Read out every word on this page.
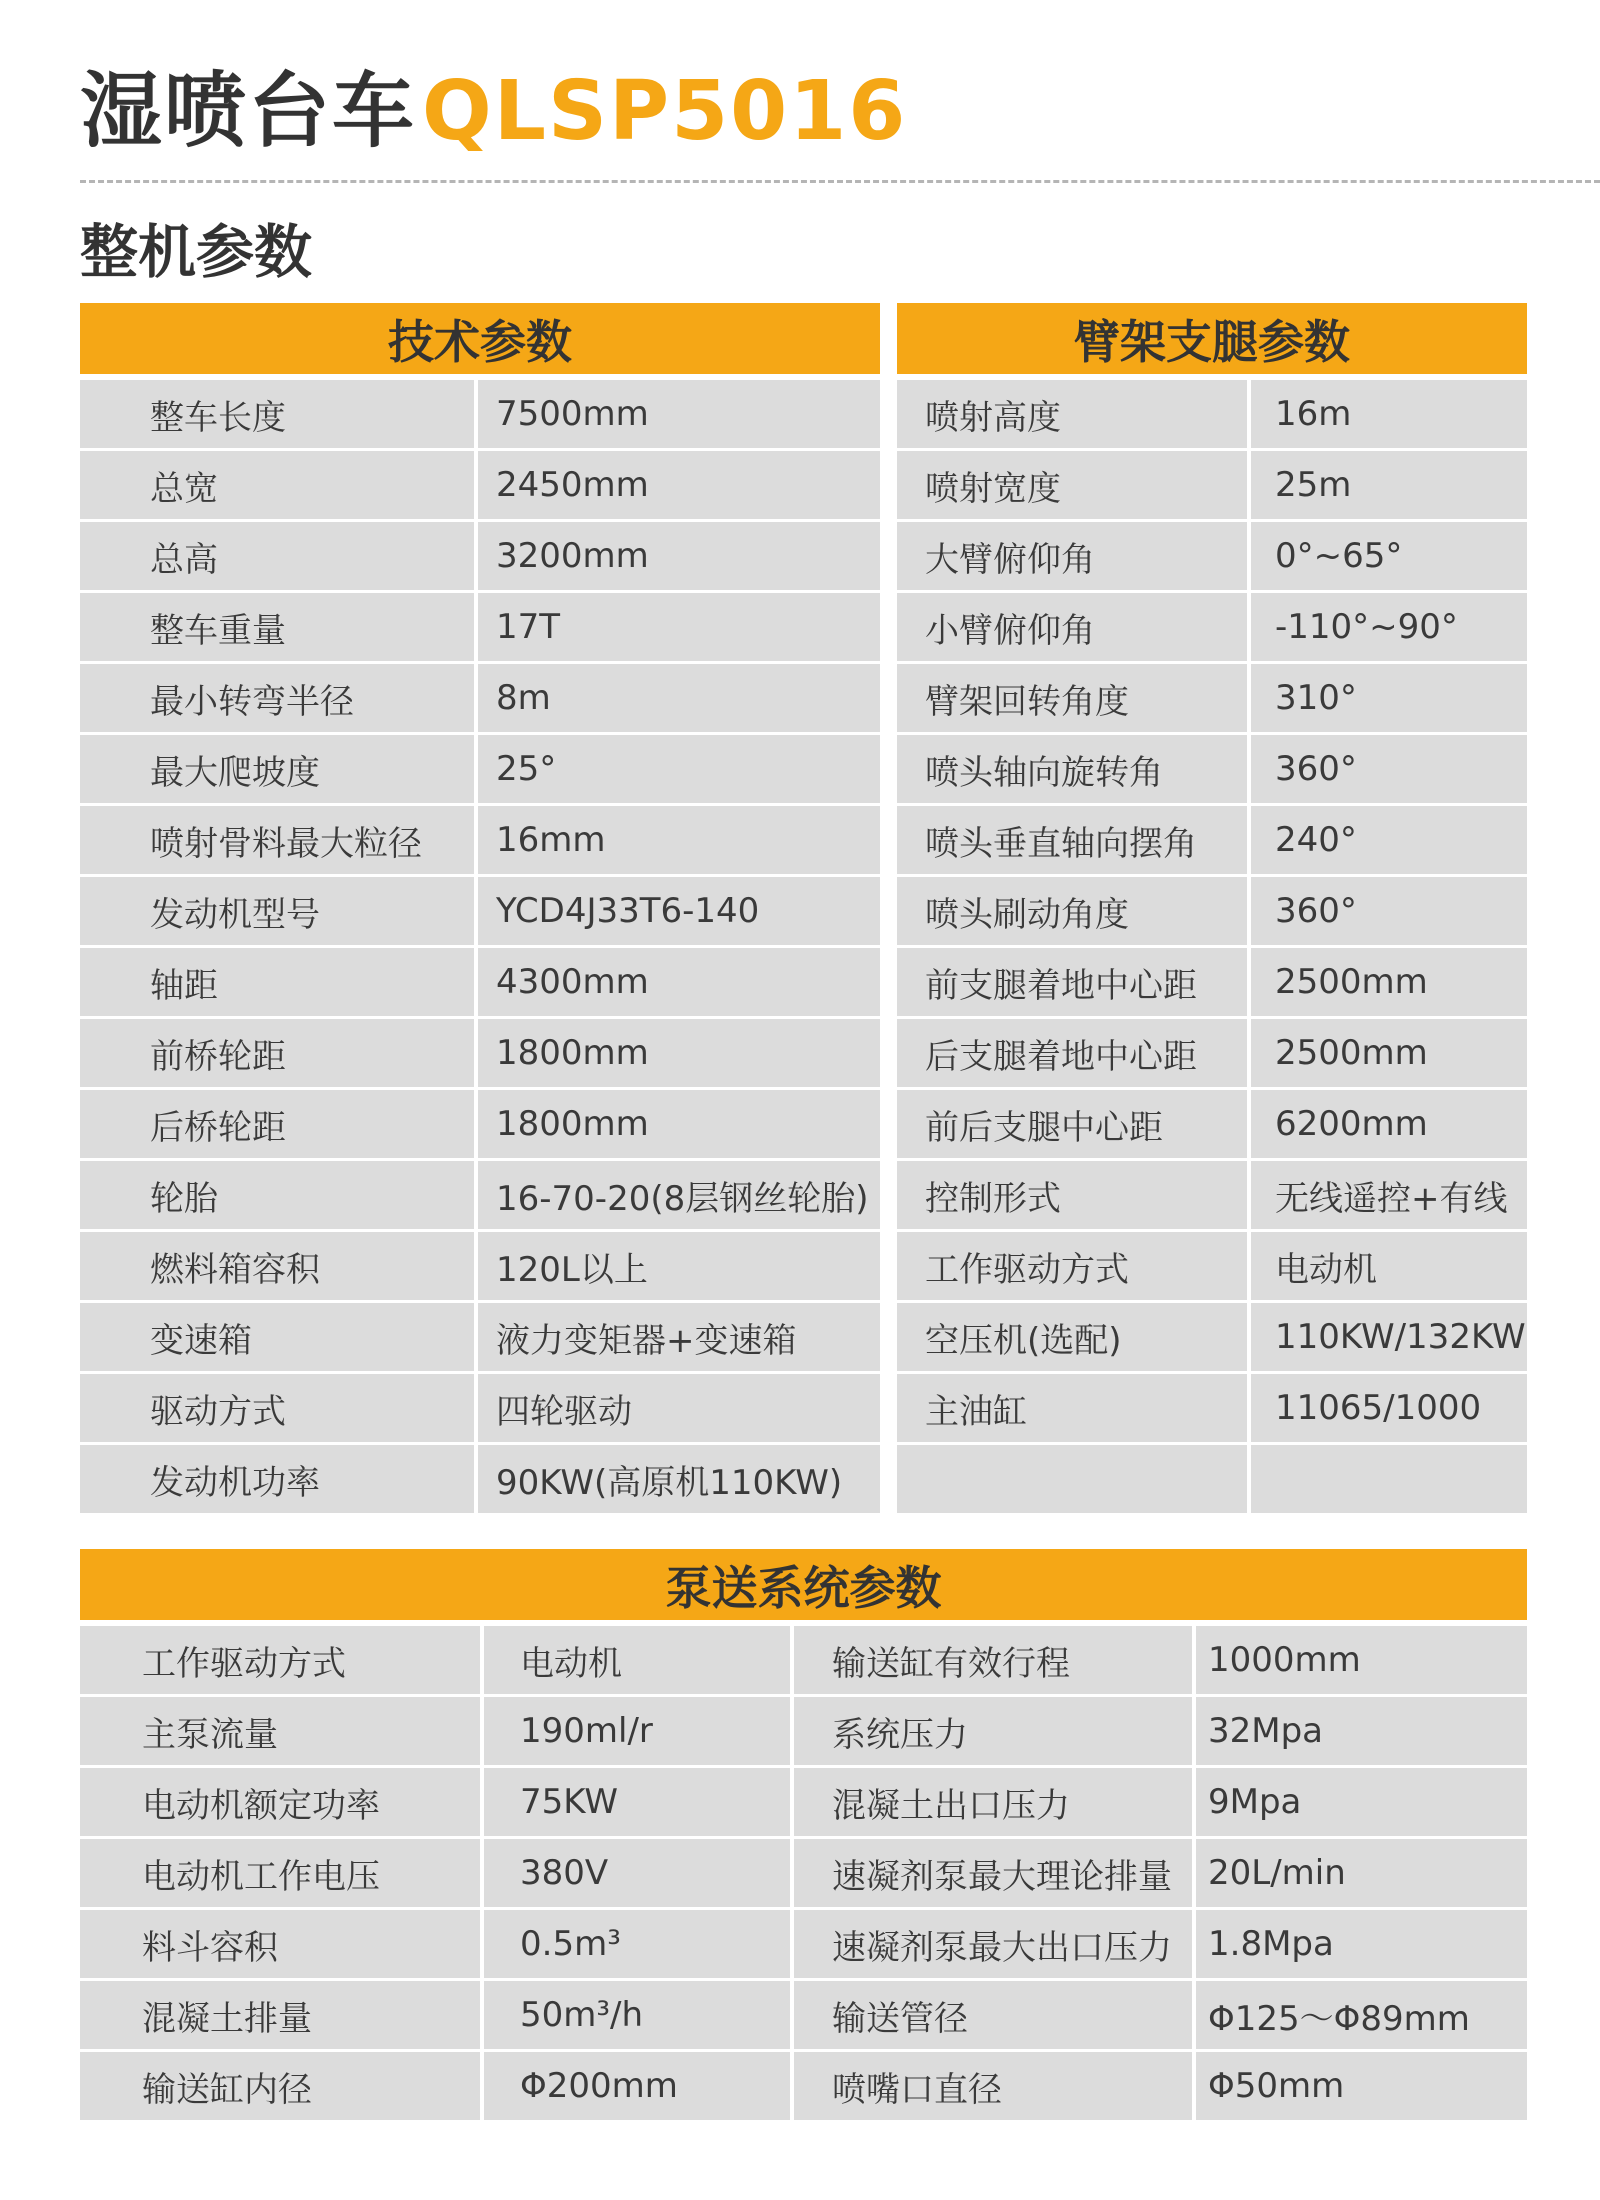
湿喷台车QLSP5016
整机参数
技术参数	
整车长度	7500mm
总宽	2450mm
总高	3200mm
整车重量	17T
最小转弯半径	8m
最大爬坡度	25°
喷射骨料最大粒径	16mm
发动机型号	YCD4J33T6-140
轴距	4300mm
前桥轮距	1800mm
后桥轮距	1800mm
轮胎	16-70-20(8层钢丝轮胎)
燃料箱容积	120L以上
变速箱	液力变矩器+变速箱
驱动方式	四轮驱动
发动机功率	90KW(高原机110KW)
臂架支腿参数	
喷射高度	16m
喷射宽度	25m
大臂俯仰角	0°~65°
小臂俯仰角	-110°~90°
臂架回转角度	310°
喷头轴向旋转角	360°
喷头垂直轴向摆角	240°
喷头刷动角度	360°
前支腿着地中心距	2500mm
后支腿着地中心距	2500mm
前后支腿中心距	6200mm
控制形式	无线遥控+有线
工作驱动方式	电动机
空压机(选配)	110KW/132KW
主油缸	11065/1000

泵送系统参数			
工作驱动方式	电动机	输送缸有效行程	1000mm
主泵流量	190ml/r	系统压力	32Mpa
电动机额定功率	75KW	混凝土出口压力	9Mpa
电动机工作电压	380V	速凝剂泵最大理论排量	20L/min
料斗容积	0.5m³	速凝剂泵最大出口压力	1.8Mpa
混凝土排量	50m³/h	输送管径	Φ125～Φ89mm
输送缸内径	Φ200mm	喷嘴口直径	Φ50mm
